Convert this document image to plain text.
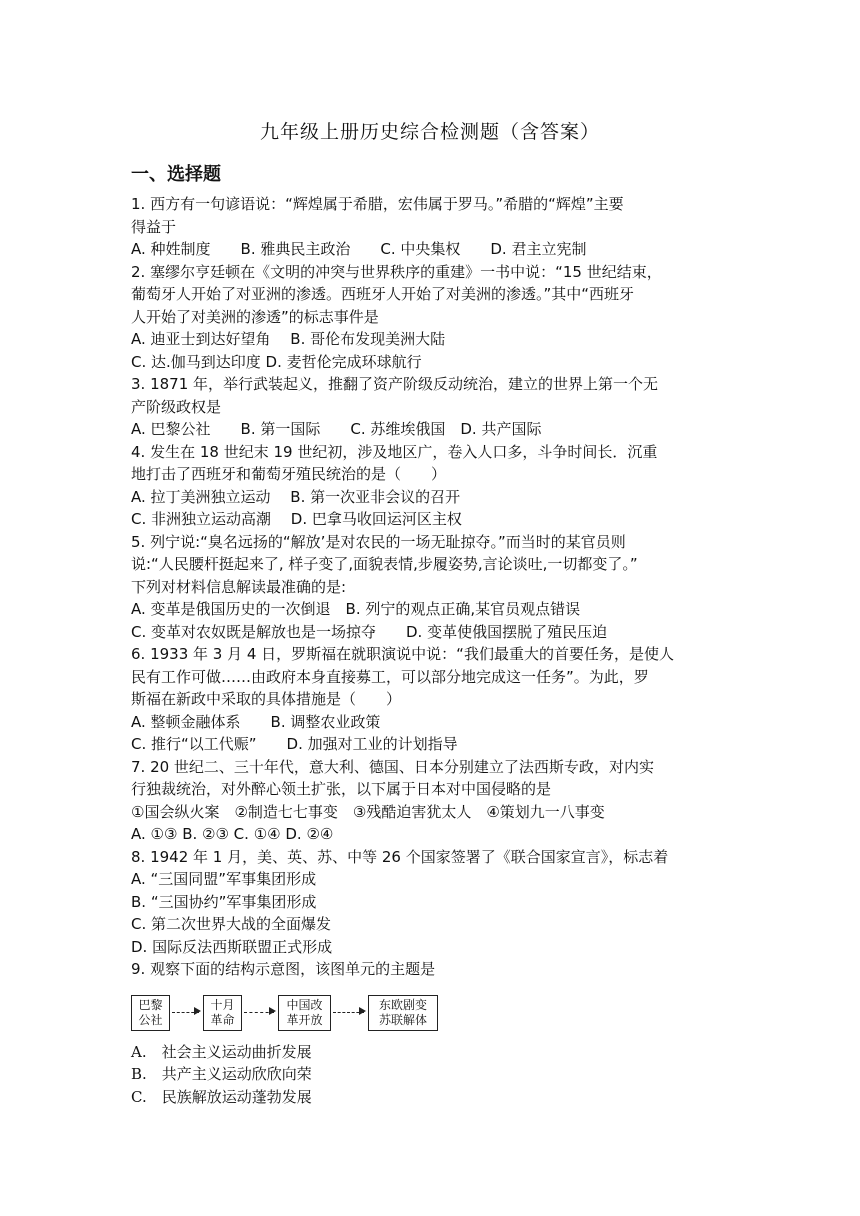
九年级上册历史综合检测题（含答案）
一、选择题
1. 西方有一句谚语说：“辉煌属于希腊，宏伟属于罗马。”希腊的“辉煌”主要
得益于
A. 种姓制度　　B. 雅典民主政治　　C. 中央集权　　D. 君主立宪制
2. 塞缪尔亨廷顿在《文明的冲突与世界秩序的重建》一书中说：“15 世纪结束，
葡萄牙人开始了对亚洲的渗透。西班牙人开始了对美洲的渗透。”其中“西班牙
人开始了对美洲的渗透”的标志事件是
A. 迪亚士到达好望角　 B. 哥伦布发现美洲大陆
C. 达.伽马到达印度 D. 麦哲伦完成环球航行
3. 1871 年，举行武装起义，推翻了资产阶级反动统治，建立的世界上第一个无
产阶级政权是
A. 巴黎公社　　B. 第一国际　　C. 苏维埃俄国　D. 共产国际
4. 发生在 18 世纪末 19 世纪初，涉及地区广，卷入人口多，斗争时间长．沉重
地打击了西班牙和葡萄牙殖民统治的是（　　）
A. 拉丁美洲独立运动　 B. 第一次亚非会议的召开
C. 非洲独立运动高潮　 D. 巴拿马收回运河区主权
5. 列宁说:“臭名远扬的“解放’是对农民的一场无耻掠夺。”而当时的某官员则
说:“人民腰杆挺起来了, 样子变了,面貌表情,步履姿势,言论谈吐,一切都变了。”
下列对材料信息解读最准确的是:
A. 变革是俄国历史的一次倒退　B. 列宁的观点正确,某官员观点错误
C. 变革对农奴既是解放也是一场掠夺　　D. 变革使俄国摆脱了殖民压迫
6. 1933 年 3 月 4 日，罗斯福在就职演说中说：“我们最重大的首要任务，是使人
民有工作可做……由政府本身直接募工，可以部分地完成这一任务”。为此，罗
斯福在新政中采取的具体措施是（　　）
A. 整顿金融体系　　B. 调整农业政策
C. 推行“以工代赈”　　D. 加强对工业的计划指导
7. 20 世纪二、三十年代，意大利、德国、日本分别建立了法西斯专政，对内实
行独裁统治，对外醉心领土扩张，以下属于日本对中国侵略的是
①国会纵火案　②制造七七事变　③残酷迫害犹太人　④策划九一八事变
A. ①③ B. ②③ C. ①④ D. ②④
8. 1942 年 1 月，美、英、苏、中等 26 个国家签署了《联合国家宣言》，标志着
A. “三国同盟”军事集团形成
B. “三国协约”军事集团形成
C. 第二次世界大战的全面爆发
D. 国际反法西斯联盟正式形成
9. 观察下面的结构示意图，该图单元的主题是
巴黎
公社
十月
革命
中国改
革开放
东欧剧变
苏联解体
A.　社会主义运动曲折发展
B.　共产主义运动欣欣向荣
C.　民族解放运动蓬勃发展
